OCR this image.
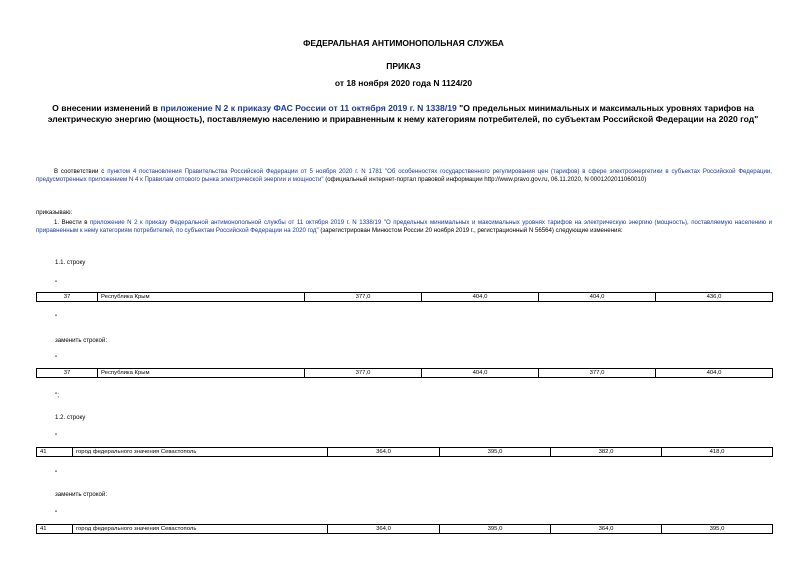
ФЕДЕРАЛЬНАЯ АНТИМОНОПОЛЬНАЯ СЛУЖБА
ПРИКАЗ
от 18 ноября 2020 года N 1124/20
О внесении изменений в приложение N 2 к приказу ФАС России от 11 октября 2019 г. N 1338/19 "О предельных минимальных и максимальных уровнях тарифов на электрическую энергию (мощность), поставляемую населению и приравненным к нему категориям потребителей, по субъектам Российской Федерации на 2020 год"
В соответствии с пунктом 4 постановления Правительства Российской Федерации от 5 ноября 2020 г. N 1781 "Об особенностях государственного регулирования цен (тарифов) в сфере электроэнергетики в субъектах Российской Федерации, предусмотренных приложением N 4 к Правилам оптового рынка электрической энергии и мощности" (официальный интернет-портал правовой информации http://www.pravo.gov.ru, 06.11.2020, N 0001202011060010)
приказываю:
1. Внести в приложение N 2 к приказу Федеральной антимонопольной службы от 11 октября 2019 г. N 1338/19 "О предельных минимальных и максимальных уровнях тарифов на электрическую энергию (мощность), поставляемую населению и приравненным к нему категориям потребителей, по субъектам Российской Федерации на 2020 год" (зарегистрирован Минюстом России 20 ноября 2019 г., регистрационный N 56564) следующие изменения:
1.1. строку
"
37	Республика Крым	377,0	404,0	404,0	436,0
"
заменить строкой:
"
37	Республика Крым	377,0	404,0	377,0	404,0
";
1.2. строку
"
41	город федерального значения Севастополь	364,0	395,0	382,0	418,0
"
заменить строкой:
"
41	город федерального значения Севастополь	364,0	395,0	364,0	395,0
